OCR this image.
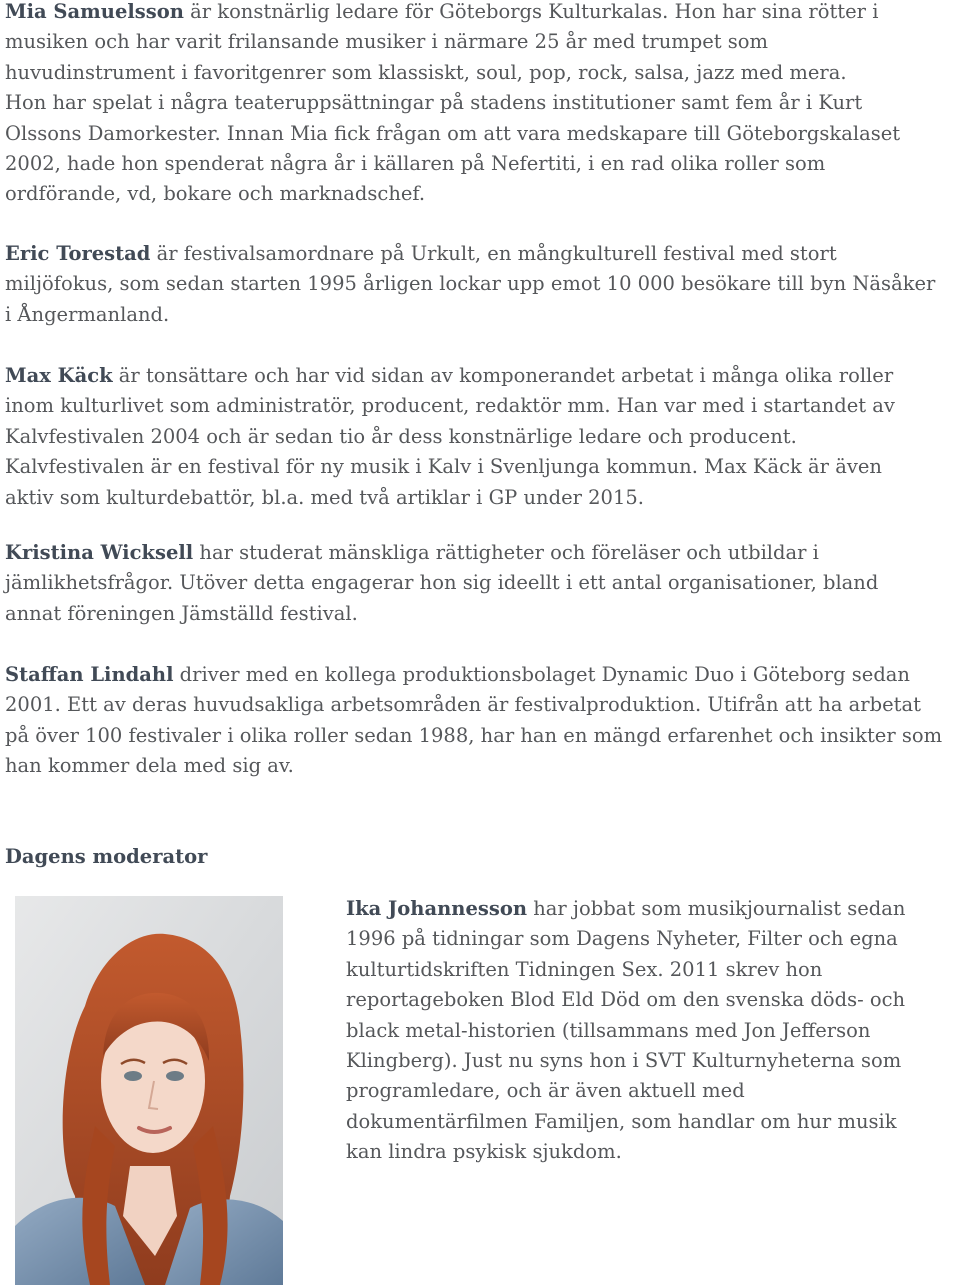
Mia Samuelsson är konstnärlig ledare för Göteborgs Kulturkalas. Hon har sina rötter i
musiken och har varit frilansande musiker i närmare 25 år med trumpet som
huvudinstrument i favoritgenrer som klassiskt, soul, pop, rock, salsa, jazz med mera.
Hon har spelat i några teateruppsättningar på stadens institutioner samt fem år i Kurt
Olssons Damorkester. Innan Mia fick frågan om att vara medskapare till Göteborgskalaset
2002, hade hon spenderat några år i källaren på Nefertiti, i en rad olika roller som
ordförande, vd, bokare och marknadschef.

Eric Torestad är festivalsamordnare på Urkult, en mångkulturell festival med stort
miljöfokus, som sedan starten 1995 årligen lockar upp emot 10 000 besökare till byn Näsåker
i Ångermanland.

Max Käck är tonsättare och har vid sidan av komponerandet arbetat i många olika roller
inom kulturlivet som administratör, producent, redaktör mm. Han var med i startandet av
Kalvfestivalen 2004 och är sedan tio år dess konstnärlige ledare och producent.
Kalvfestivalen är en festival för ny musik i Kalv i Svenljunga kommun. Max Käck är även
aktiv som kulturdebattör, bl.a. med två artiklar i GP under 2015.

Kristina Wicksell har studerat mänskliga rättigheter och föreläser och utbildar i
jämlikhetsfrågor. Utöver detta engagerar hon sig ideellt i ett antal organisationer, bland
annat föreningen Jämställd festival.

Staffan Lindahl driver med en kollega produktionsbolaget Dynamic Duo i Göteborg sedan
2001. Ett av deras huvudsakliga arbetsområden är festivalproduktion. Utifrån att ha arbetat
på över 100 festivaler i olika roller sedan 1988, har han en mängd erfarenhet och insikter som
han kommer dela med sig av.

Dagens moderator

Ika Johannesson har jobbat som musikjournalist sedan
1996 på tidningar som Dagens Nyheter, Filter och egna
kulturtidskriften Tidningen Sex. 2011 skrev hon
reportageboken Blod Eld Död om den svenska döds- och
black metal-historien (tillsammans med Jon Jefferson
Klingberg). Just nu syns hon i SVT Kulturnyheterna som
programledare, och är även aktuell med
dokumentärfilmen Familjen, som handlar om hur musik
kan lindra psykisk sjukdom.
